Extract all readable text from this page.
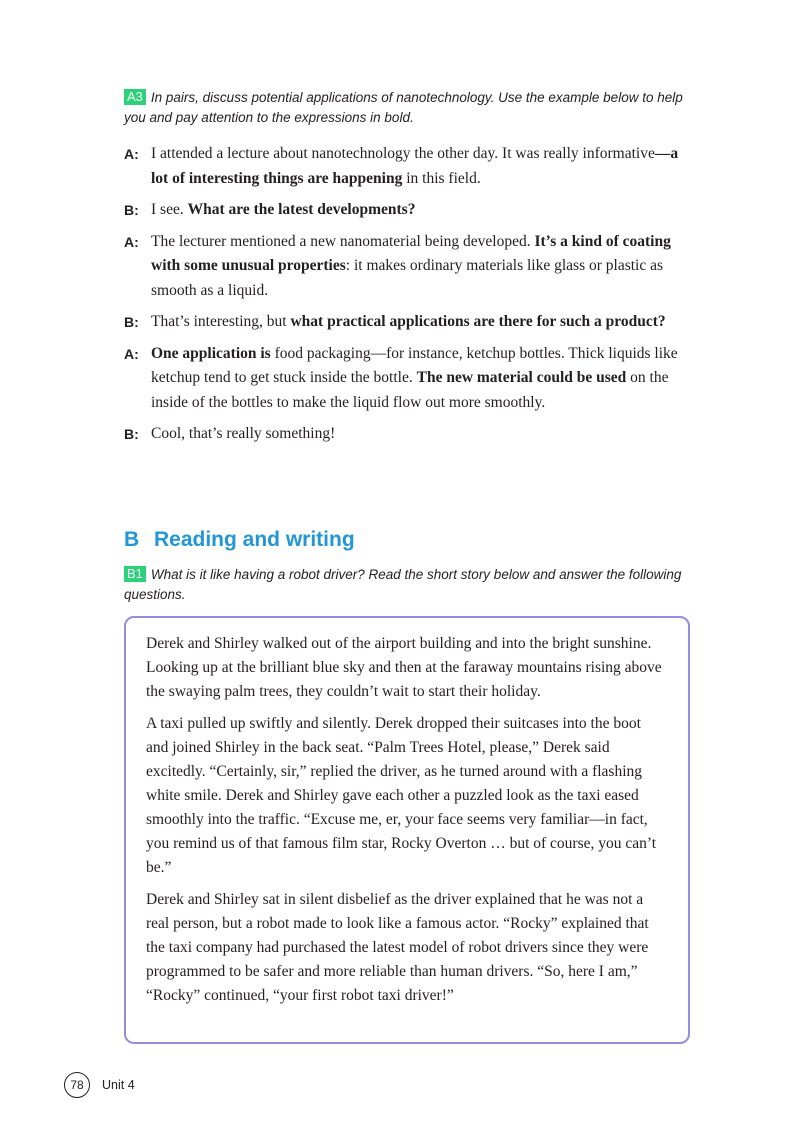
A3 In pairs, discuss potential applications of nanotechnology. Use the example below to help you and pay attention to the expressions in bold.
A: I attended a lecture about nanotechnology the other day. It was really informative—a lot of interesting things are happening in this field.
B: I see. What are the latest developments?
A: The lecturer mentioned a new nanomaterial being developed. It’s a kind of coating with some unusual properties: it makes ordinary materials like glass or plastic as smooth as a liquid.
B: That’s interesting, but what practical applications are there for such a product?
A: One application is food packaging—for instance, ketchup bottles. Thick liquids like ketchup tend to get stuck inside the bottle. The new material could be used on the inside of the bottles to make the liquid flow out more smoothly.
B: Cool, that’s really something!
B Reading and writing
B1 What is it like having a robot driver? Read the short story below and answer the following questions.

Derek and Shirley walked out of the airport building and into the bright sunshine. Looking up at the brilliant blue sky and then at the faraway mountains rising above the swaying palm trees, they couldn’t wait to start their holiday.

A taxi pulled up swiftly and silently. Derek dropped their suitcases into the boot and joined Shirley in the back seat. “Palm Trees Hotel, please,” Derek said excitedly. “Certainly, sir,” replied the driver, as he turned around with a flashing white smile. Derek and Shirley gave each other a puzzled look as the taxi eased smoothly into the traffic. “Excuse me, er, your face seems very familiar—in fact, you remind us of that famous film star, Rocky Overton … but of course, you can’t be.”

Derek and Shirley sat in silent disbelief as the driver explained that he was not a real person, but a robot made to look like a famous actor. “Rocky” explained that the taxi company had purchased the latest model of robot drivers since they were programmed to be safer and more reliable than human drivers. “So, here I am,” “Rocky” continued, “your first robot taxi driver!”

78	Unit 4
